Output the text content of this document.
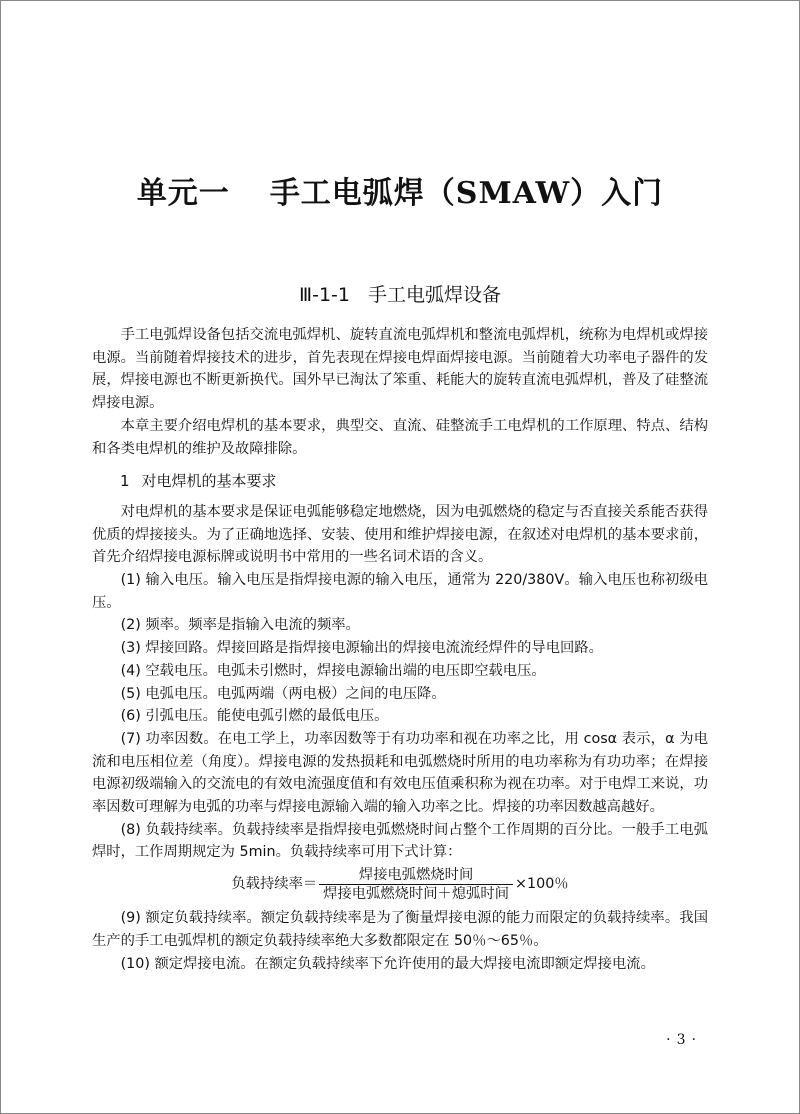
单元一 手工电弧焊（SMAW）入门
Ⅲ-1-1 手工电弧焊设备

手工电弧焊设备包括交流电弧焊机、旋转直流电弧焊机和整流电弧焊机，统称为电焊机或焊接电源。当前随着焊接技术的进步，首先表现在焊接电焊面焊接电源。当前随着大功率电子器件的发展，焊接电源也不断更新换代。国外早已淘汰了笨重、耗能大的旋转直流电弧焊机，普及了硅整流焊接电源。

本章主要介绍电焊机的基本要求，典型交、直流、硅整流手工电焊机的工作原理、特点、结构和各类电焊机的维护及故障排除。

1 对电焊机的基本要求

对电焊机的基本要求是保证电弧能够稳定地燃烧，因为电弧燃烧的稳定与否直接关系能否获得优质的焊接接头。为了正确地选择、安装、使用和维护焊接电源，在叙述对电焊机的基本要求前，首先介绍焊接电源标牌或说明书中常用的一些名词术语的含义。

(1) 输入电压。输入电压是指焊接电源的输入电压，通常为 220/380V。输入电压也称初级电压。

(2) 频率。频率是指输入电流的频率。

(3) 焊接回路。焊接回路是指焊接电源输出的焊接电流流经焊件的导电回路。

(4) 空载电压。电弧未引燃时，焊接电源输出端的电压即空载电压。

(5) 电弧电压。电弧两端（两电极）之间的电压降。

(6) 引弧电压。能使电弧引燃的最低电压。

(7) 功率因数。在电工学上，功率因数等于有功功率和视在功率之比，用 cosα 表示，α 为电流和电压相位差（角度）。焊接电源的发热损耗和电弧燃烧时所用的电功率称为有功功率；在焊接电源初级端输入的交流电的有效电流强度值和有效电压值乘积称为视在功率。对于电焊工来说，功率因数可理解为电弧的功率与焊接电源输入端的输入功率之比。焊接的功率因数越高越好。

(8) 负载持续率。负载持续率是指焊接电弧燃烧时间占整个工作周期的百分比。一般手工电弧焊时，工作周期规定为 5min。负载持续率可用下式计算：

负载持续率＝ $\frac{\text{焊接电弧燃烧时间}}{\text{焊接电弧燃烧时间＋熄弧时间}} \times 100$％

(9) 额定负载持续率。额定负载持续率是为了衡量焊接电源的能力而限定的负载持续率。我国生产的手工电弧焊机的额定负载持续率绝大多数都限定在 50％～65％。

(10) 额定焊接电流。在额定负载持续率下允许使用的最大焊接电流即额定焊接电流。

· 3 ·
